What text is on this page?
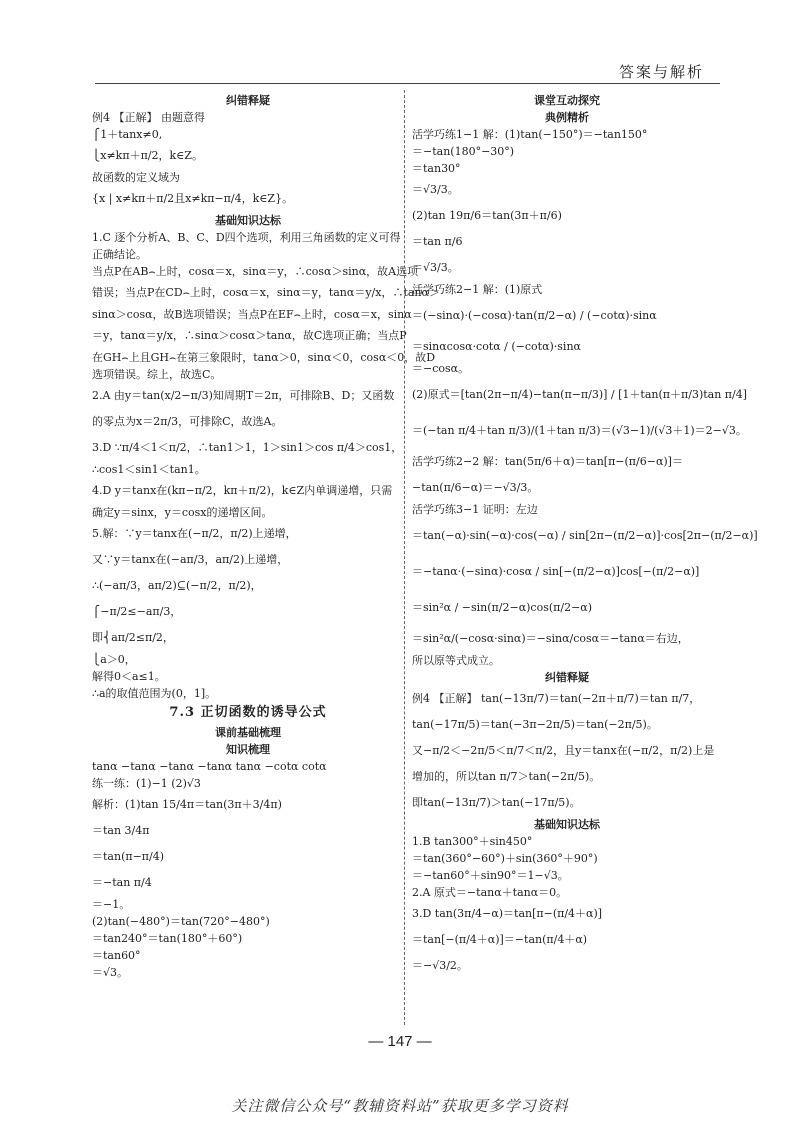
答案与解析
纠错释疑
例4 【正解】 由题意得
⎧1＋tanx≠0,
⎩x≠kπ＋π/2，k∈Z。
故函数的定义域为
{x | x≠kπ＋π/2且x≠kπ−π/4，k∈Z}。
基础知识达标
1.C 逐个分析A、B、C、D四个选项，利用三角函数的定义可得
正确结论。
当点P在AB⌢上时，cosα＝x，sinα＝y，∴cosα＞sinα，故A选项
错误；当点P在CD⌢上时，cosα＝x，sinα＝y，tanα＝y/x，∴tanα＞
sinα＞cosα，故B选项错误；当点P在EF⌢上时，cosα＝x，sinα
＝y，tanα＝y/x，∴sinα＞cosα＞tanα，故C选项正确；当点P
在GH⌢上且GH⌢在第三象限时，tanα＞0，sinα＜0，cosα＜0，故D
选项错误。综上，故选C。
2.A 由y＝tan(x/2−π/3)知周期T＝2π，可排除B、D；又函数
的零点为x＝2π/3，可排除C，故选A。
3.D ∵π/4＜1＜π/2，∴tan1＞1，1＞sin1＞cos π/4＞cos1，
∴cos1＜sin1＜tan1。
4.D y＝tanx在(kπ−π/2，kπ＋π/2)，k∈Z内单调递增，只需
确定y＝sinx，y＝cosx的递增区间。
5.解：∵y＝tanx在(−π/2，π/2)上递增，
又∵y＝tanx在(−aπ/3，aπ/2)上递增，
∴(−aπ/3，aπ/2)⊆(−π/2，π/2)，
⎧−π/2≤−aπ/3，
即⎨aπ/2≤π/2，
⎩a＞0，
解得0＜a≤1。
∴a的取值范围为(0，1]。
7.3 正切函数的诱导公式
课前基础梳理
知识梳理
tanα −tanα −tanα −tanα tanα −cotα cotα
练一练：(1)−1 (2)√3
解析：(1)tan 15/4π＝tan(3π＋3/4π)
＝tan 3/4π
＝tan(π−π/4)
＝−tan π/4
＝−1。
(2)tan(−480°)＝tan(720°−480°)
＝tan240°＝tan(180°＋60°)
＝tan60°
＝√3。
课堂互动探究
典例精析
活学巧练1−1 解：(1)tan(−150°)＝−tan150°
＝−tan(180°−30°)
＝tan30°
＝√3/3。
(2)tan 19π/6＝tan(3π＋π/6)
＝tan π/6
＝√3/3。
活学巧练2−1 解：(1)原式
＝(−sinα)·(−cosα)·tan(π/2−α) / (−cotα)·sinα
＝sinαcosα·cotα / (−cotα)·sinα
＝−cosα。
(2)原式＝[tan(2π−π/4)−tan(π−π/3)] / [1＋tan(π＋π/3)tan π/4]
＝(−tan π/4＋tan π/3)/(1＋tan π/3)＝(√3−1)/(√3＋1)＝2−√3。
活学巧练2−2 解：tan(5π/6＋α)＝tan[π−(π/6−α)]＝
−tan(π/6−α)＝−√3/3。
活学巧练3−1 证明：左边
＝tan(−α)·sin(−α)·cos(−α) / sin[2π−(π/2−α)]·cos[2π−(π/2−α)]
＝−tanα·(−sinα)·cosα / sin[−(π/2−α)]cos[−(π/2−α)]
＝sin²α / −sin(π/2−α)cos(π/2−α)
＝sin²α/(−cosα·sinα)＝−sinα/cosα＝−tanα＝右边，
所以原等式成立。
纠错释疑
例4 【正解】 tan(−13π/7)＝tan(−2π＋π/7)＝tan π/7，
tan(−17π/5)＝tan(−3π−2π/5)＝tan(−2π/5)。
又−π/2＜−2π/5＜π/7＜π/2，且y＝tanx在(−π/2，π/2)上是
增加的，所以tan π/7＞tan(−2π/5)。
即tan(−13π/7)＞tan(−17π/5)。
基础知识达标
1.B tan300°＋sin450°
＝tan(360°−60°)＋sin(360°＋90°)
＝−tan60°＋sin90°＝1−√3。
2.A 原式＝−tanα＋tanα＝0。
3.D tan(3π/4−α)＝tan[π−(π/4＋α)]
＝tan[−(π/4＋α)]＝−tan(π/4＋α)
＝−√3/2。
— 147 —
关注微信公众号“教辅资料站”获取更多学习资料
